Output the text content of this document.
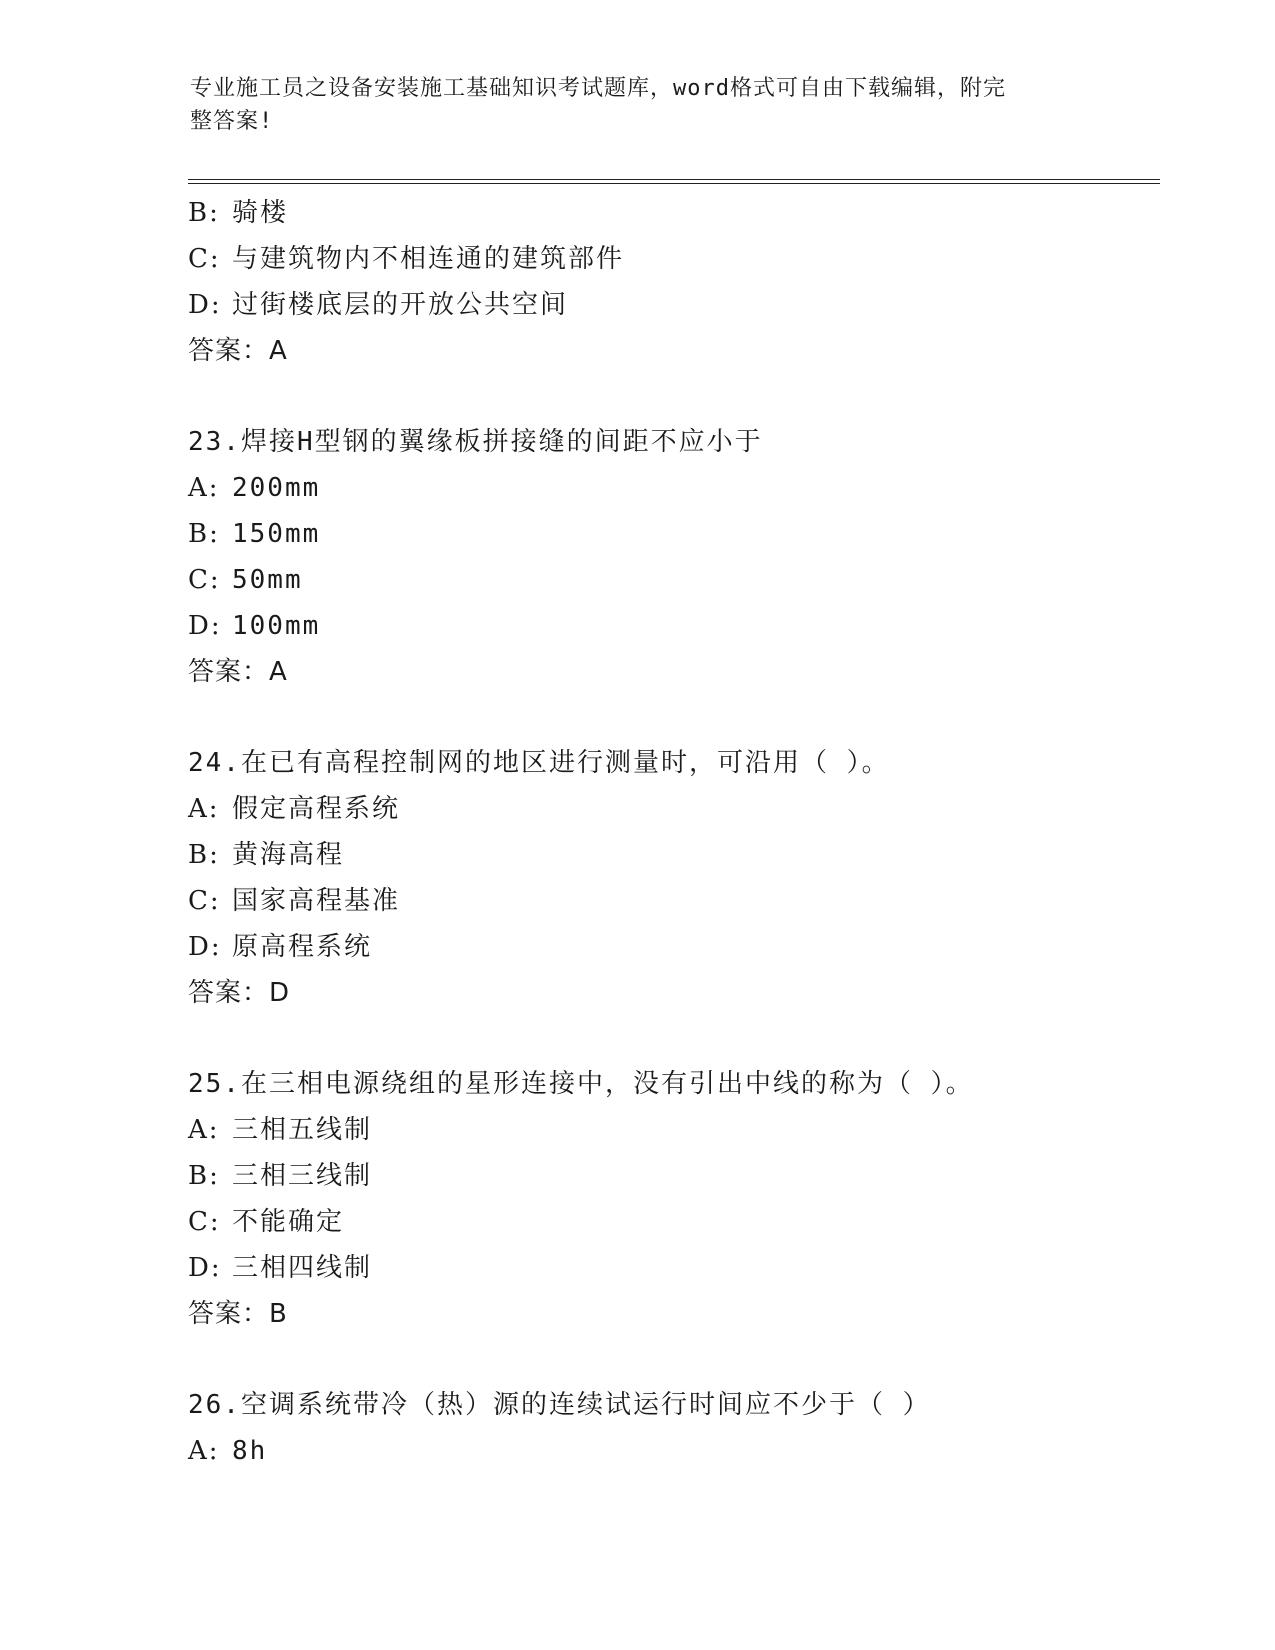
专业施工员之设备安装施工基础知识考试题库，word格式可自由下载编辑，附完
整答案!
B: 骑楼
C: 与建筑物内不相连通的建筑部件
D: 过街楼底层的开放公共空间
答案：A
23.焊接H型钢的翼缘板拼接缝的间距不应小于
A: 200mm
B: 150mm
C: 50mm
D: 100mm
答案：A
24.在已有高程控制网的地区进行测量时，可沿用（ ）。
A: 假定高程系统
B: 黄海高程
C: 国家高程基准
D: 原高程系统
答案：D
25.在三相电源绕组的星形连接中，没有引出中线的称为（ ）。
A: 三相五线制
B: 三相三线制
C: 不能确定
D: 三相四线制
答案：B
26.空调系统带冷（热）源的连续试运行时间应不少于（ ）
A: 8h
